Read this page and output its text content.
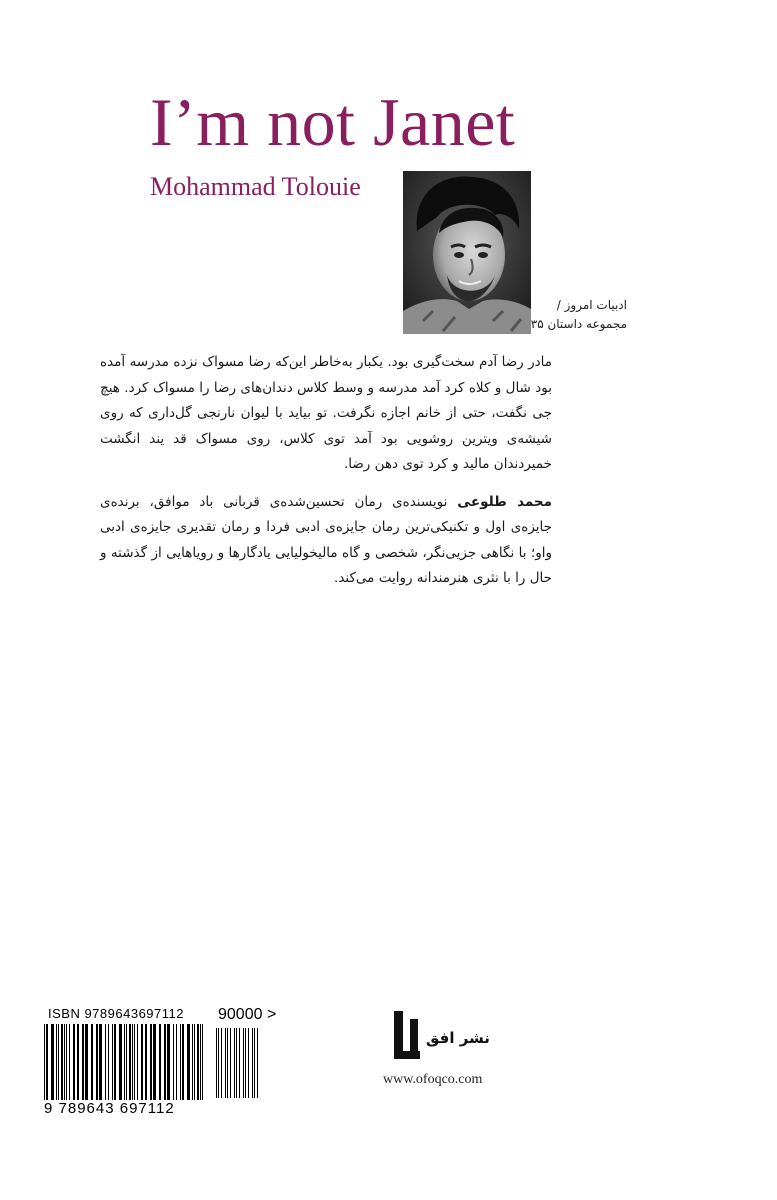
I’m not Janet
Mohammad Tolouie
ادبیات امروز /
مجموعه داستان ۳۵

مادر رضا آدم سخت‌گیری بود. یکبار به‌خاطر این‌که رضا مسواک نزده مدرسه آمده بود شال و کلاه کرد آمد مدرسه و وسط کلاس دندان‌های رضا را مسواک کرد. هیچ جی نگفت، حتی از خانم اجازه نگرفت. تو بیاید با لیوان نارنجی گل‌داری که روی شیشه‌ی ویترین روشویی بود آمد توی کلاس، روی مسواک قد یند انگشت خمیردندان مالید و کرد توی دهن رضا.

محمد طلوعی نویسنده‌ی رمان تحسین‌شده‌ی قربانی باد موافق، برنده‌ی جایزه‌ی اول و تکنیکی‌ترین رمان جایزه‌ی ادبی فردا و رمان تقدیری جایزه‌ی ادبی واو؛ با نگاهی جزیی‌نگر، شخصی و گاه مالیخولیایی یادگارها و رویاهایی از گذشته و حال را با نثری هنرمندانه روایت می‌کند.

ISBN 9789643697112 90000 >
9 789643 697112
نشر افق
www.ofoqco.com
